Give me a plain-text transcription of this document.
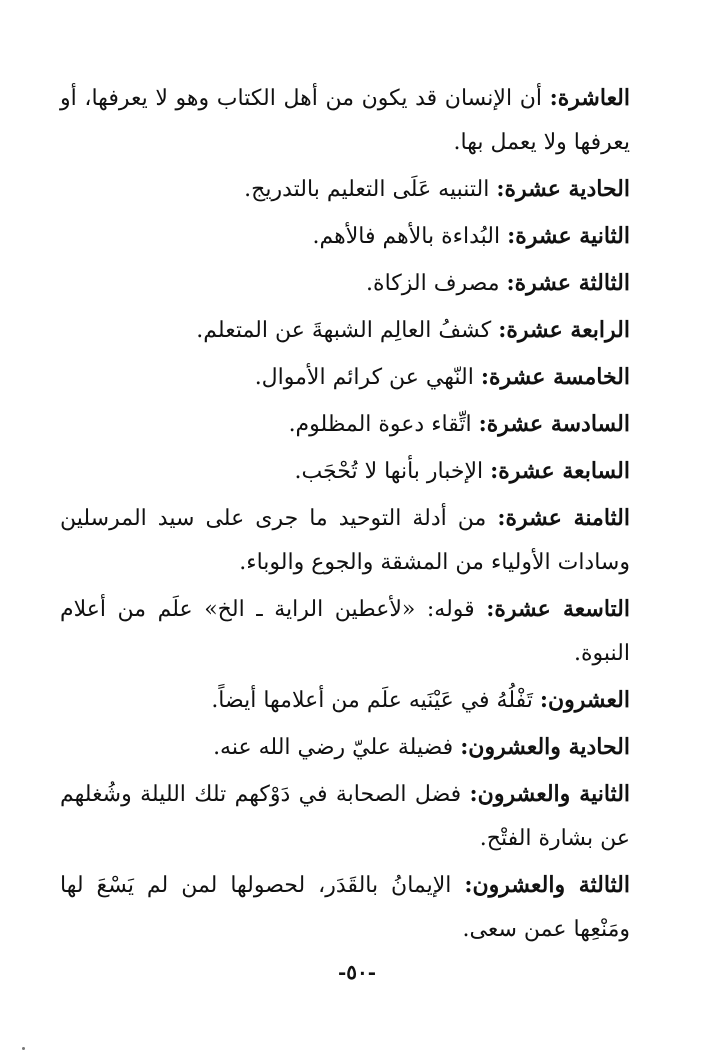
العاشرة: أن الإنسان قد يكون من أهل الكتاب وهو لا يعرفها، أو يعرفها ولا يعمل بها.

الحادية عشرة: التنبيه عَلَى التعليم بالتدريج.

الثانية عشرة: البُداءة بالأهم فالأهم.

الثالثة عشرة: مصرف الزكاة.

الرابعة عشرة: كشفُ العالِم الشبهةَ عن المتعلم.

الخامسة عشرة: النّهي عن كرائم الأموال.

السادسة عشرة: اتِّقاء دعوة المظلوم.

السابعة عشرة: الإخبار بأنها لا تُحْجَب.

الثامنة عشرة: من أدلة التوحيد ما جرى على سيد المرسلين وسادات الأولياء من المشقة والجوع والوباء.

التاسعة عشرة: قوله: «لأعطين الراية ـ الخ» علَم من أعلام النبوة.

العشرون: تَفْلُهُ في عَيْنَيه علَم من أعلامها أيضاً.

الحادية والعشرون: فضيلة عليّ رضي الله عنه.

الثانية والعشرون: فضل الصحابة في دَوْكهم تلك الليلة وشُغلهم عن بشارة الفتْح.

الثالثة والعشرون: الإيمانُ بالقَدَر، لحصولها لمن لم يَسْعَ لها ومَنْعِها عمن سعى.

-٥٠-
